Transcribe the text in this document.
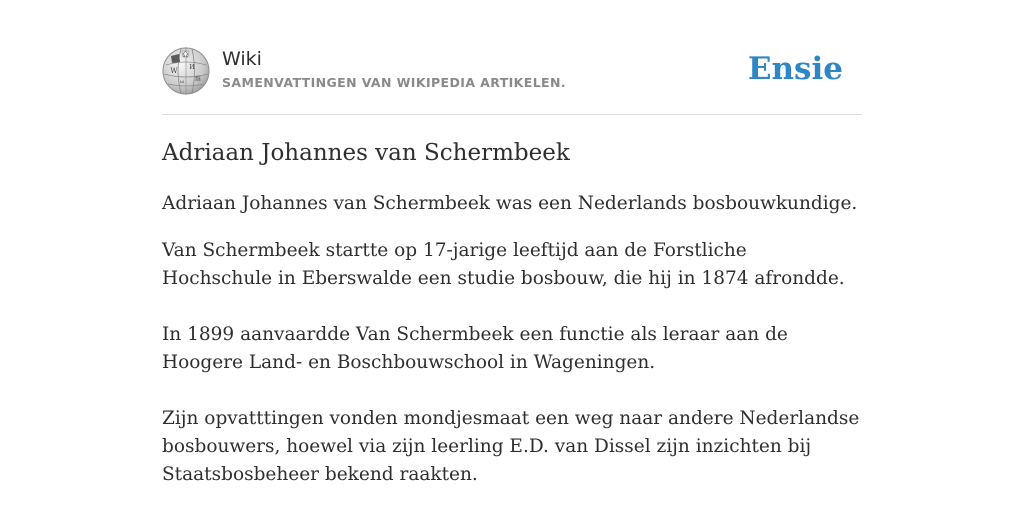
Ω
W И
維
ω
Wiki
SAMENVATTINGEN VAN WIKIPEDIA ARTIKELEN.	Ensie
Adriaan Johannes van Schermbeek

Adriaan Johannes van Schermbeek was een Nederlands bosbouwkundige.

Van Schermbeek startte op 17-jarige leeftijd aan de Forstliche Hochschule in Eberswalde een studie bosbouw, die hij in 1874 afrondde.

In 1899 aanvaardde Van Schermbeek een functie als leraar aan de Hoogere Land- en Boschbouwschool in Wageningen.

Zijn opvatttingen vonden mondjesmaat een weg naar andere Nederlandse bosbouwers, hoewel via zijn leerling E.D. van Dissel zijn inzichten bij Staatsbosbeheer bekend raakten.
